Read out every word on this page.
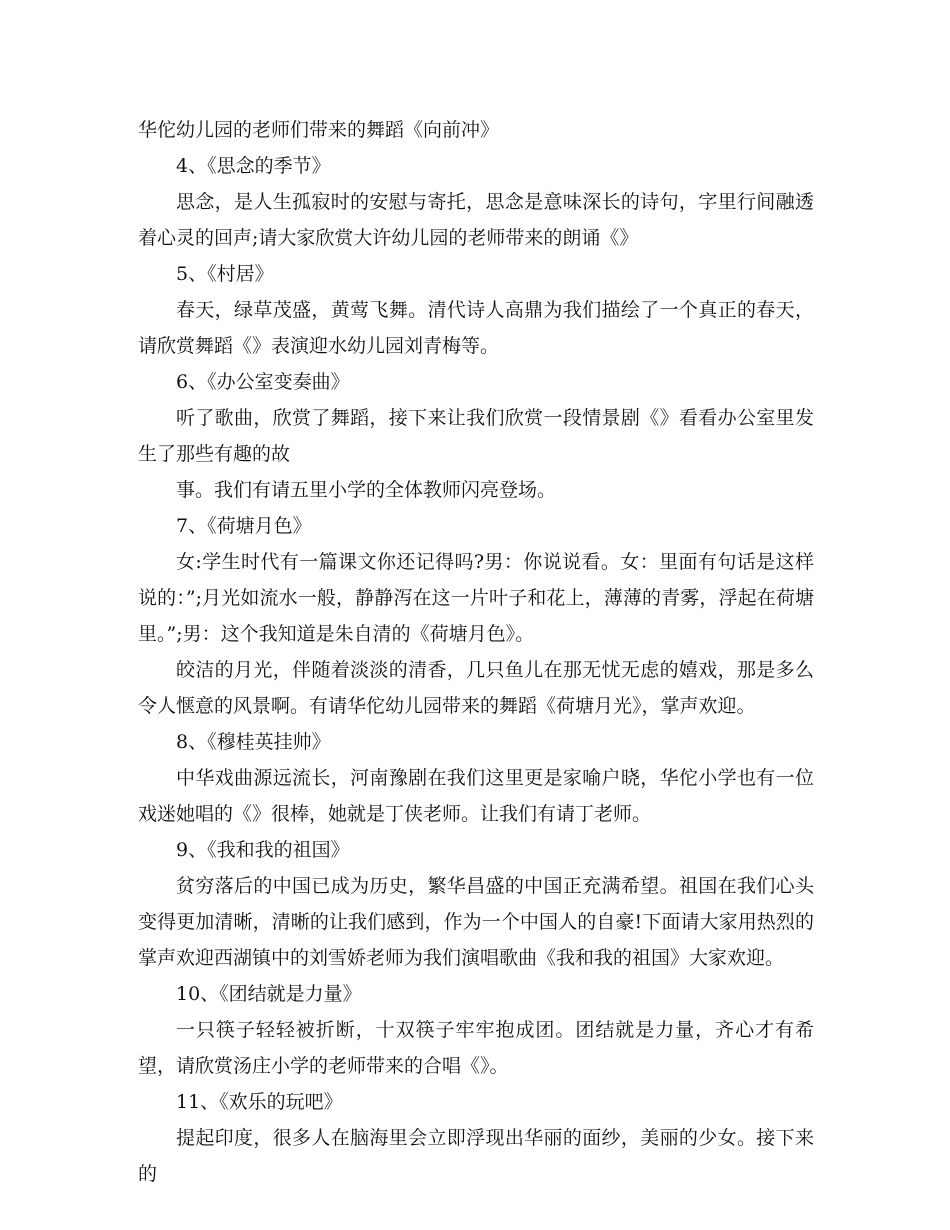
华佗幼儿园的老师们带来的舞蹈《向前冲》

4、《思念的季节》

思念，是人生孤寂时的安慰与寄托，思念是意味深长的诗句，字里行间融透着心灵的回声;请大家欣赏大许幼儿园的老师带来的朗诵《》

5、《村居》

春天，绿草茂盛，黄莺飞舞。清代诗人高鼎为我们描绘了一个真正的春天，请欣赏舞蹈《》表演迎水幼儿园刘青梅等。

6、《办公室变奏曲》

听了歌曲，欣赏了舞蹈，接下来让我们欣赏一段情景剧《》看看办公室里发生了那些有趣的故

事。我们有请五里小学的全体教师闪亮登场。

7、《荷塘月色》

女:学生时代有一篇课文你还记得吗?男：你说说看。女：里面有句话是这样说的：”;月光如流水一般，静静泻在这一片叶子和花上，薄薄的青雾，浮起在荷塘里。”;男：这个我知道是朱自清的《荷塘月色》。

皎洁的月光，伴随着淡淡的清香，几只鱼儿在那无忧无虑的嬉戏，那是多么令人惬意的风景啊。有请华佗幼儿园带来的舞蹈《荷塘月光》，掌声欢迎。

8、《穆桂英挂帅》

中华戏曲源远流长，河南豫剧在我们这里更是家喻户晓，华佗小学也有一位戏迷她唱的《》很棒，她就是丁侠老师。让我们有请丁老师。

9、《我和我的祖国》

贫穷落后的中国已成为历史，繁华昌盛的中国正充满希望。祖国在我们心头变得更加清晰，清晰的让我们感到，作为一个中国人的自豪!下面请大家用热烈的掌声欢迎西湖镇中的刘雪娇老师为我们演唱歌曲《我和我的祖国》大家欢迎。

10、《团结就是力量》

一只筷子轻轻被折断，十双筷子牢牢抱成团。团结就是力量，齐心才有希望，请欣赏汤庄小学的老师带来的合唱《》。

11、《欢乐的玩吧》

提起印度，很多人在脑海里会立即浮现出华丽的面纱，美丽的少女。接下来的
